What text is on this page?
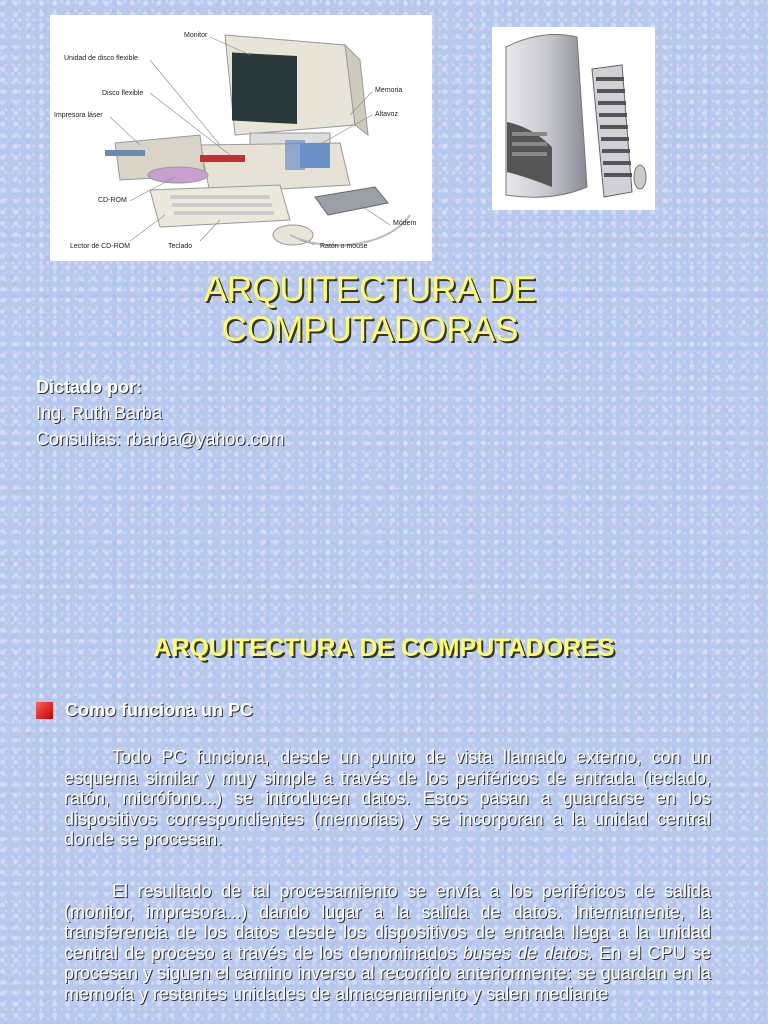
Monitor
Unidad de disco flexible
Disco flexible
Impresora láser
Memoria
Altavoz
CD-ROM
Lector de CD-ROM	Teclado	Ratón o mouse
Módem
ARQUITECTURA DE
COMPUTADORAS
Dictado por:
Ing. Ruth Barba
Consultas: rbarba@yahoo.com
ARQUITECTURA DE COMPUTADORES
Como funciona un PC

Todo PC funciona, desde un punto de vista llamado externo, con un esquema similar y muy simple a través de los periféricos de entrada (teclado, ratón, micrófono...) se introducen datos. Estos pasan a guardarse en los dispositivos correspondientes (memorias) y se incorporan a la unidad central donde se procesan.

El resultado de tal procesamiento se envía a los periféricos de salida (monitor, impresora...) dando lugar a la salida de datos. Internamente, la transferencia de los datos desde los dispositivos de entrada llega a la unidad central de proceso a través de los denominados buses de datos. En el CPU se procesan y siguen el camino inverso al recorrido anteriormente: se guardan en la memoria y restantes unidades de almacenamiento y salen mediante
